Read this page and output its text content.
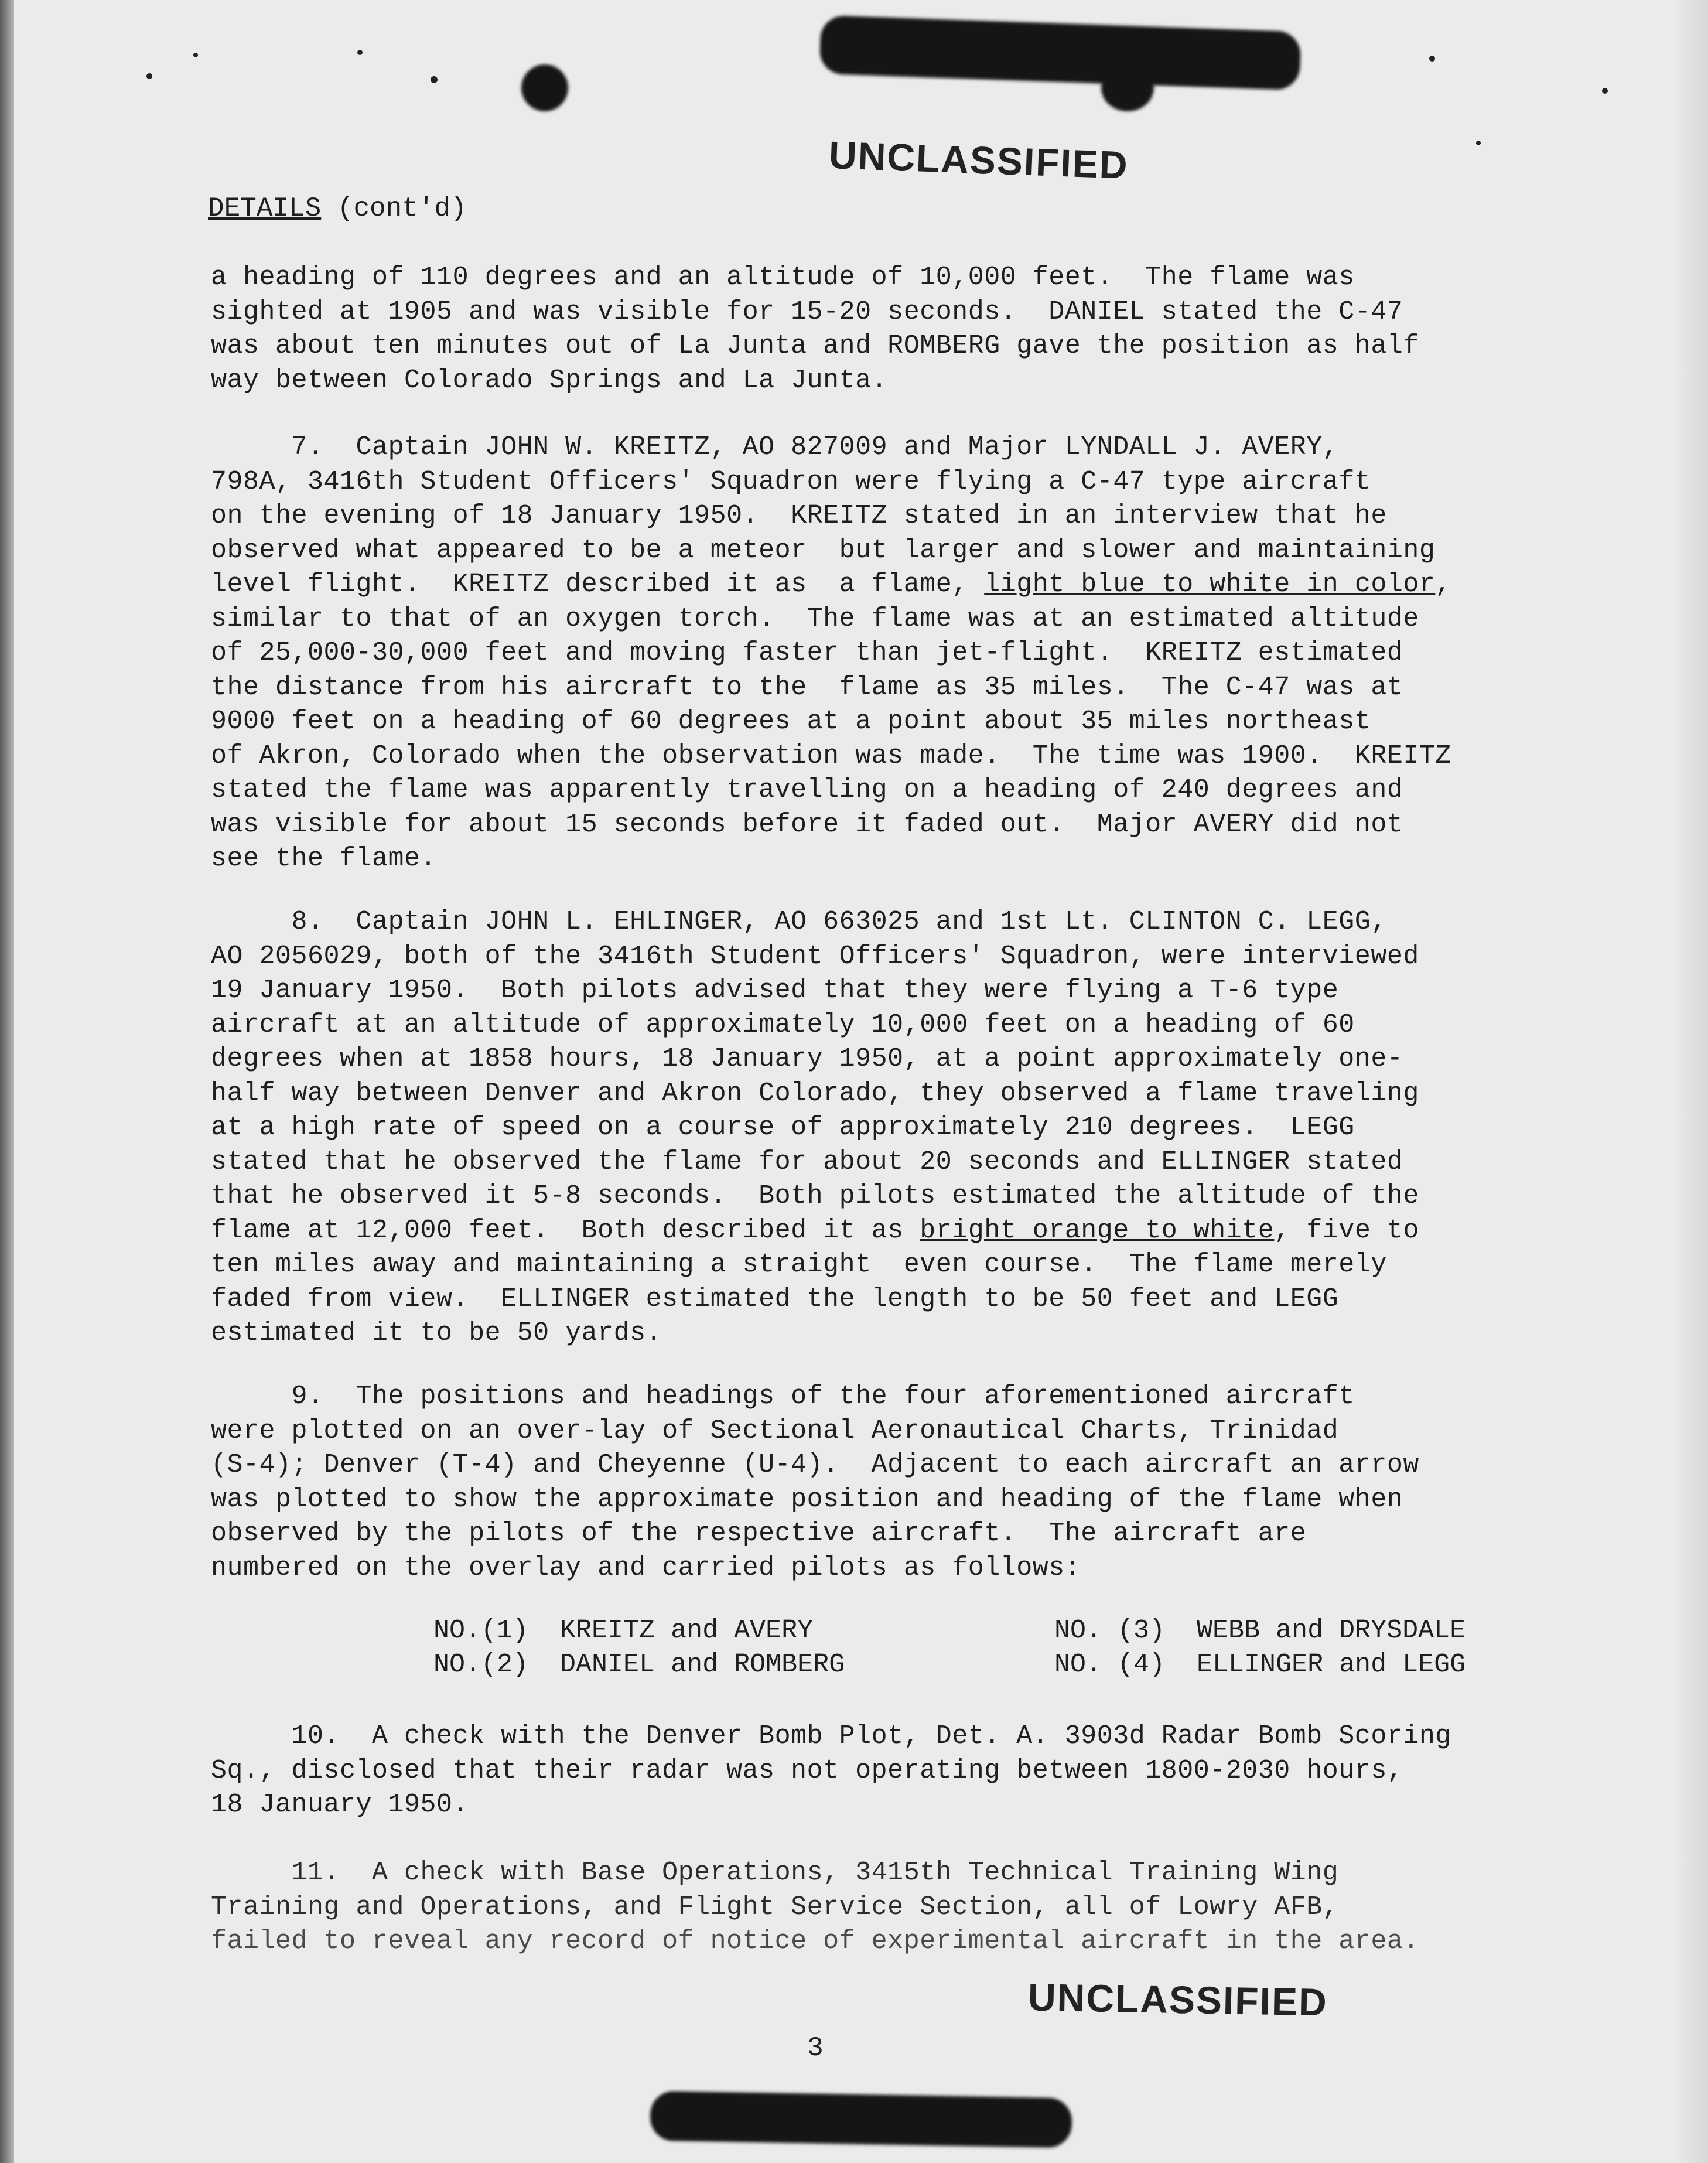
UNCLASSIFIED
DETAILS (cont'd)
a heading of 110 degrees and an altitude of 10,000 feet.  The flame was
sighted at 1905 and was visible for 15-20 seconds.  DANIEL stated the C-47
was about ten minutes out of La Junta and ROMBERG gave the position as half
way between Colorado Springs and La Junta.
7.  Captain JOHN W. KREITZ, AO 827009 and Major LYNDALL J. AVERY,
798A, 3416th Student Officers' Squadron were flying a C-47 type aircraft
on the evening of 18 January 1950.  KREITZ stated in an interview that he
observed what appeared to be a meteor  but larger and slower and maintaining
level flight.  KREITZ described it as  a flame, light blue to white in color,
similar to that of an oxygen torch.  The flame was at an estimated altitude
of 25,000-30,000 feet and moving faster than jet-flight.  KREITZ estimated
the distance from his aircraft to the  flame as 35 miles.  The C-47 was at
9000 feet on a heading of 60 degrees at a point about 35 miles northeast
of Akron, Colorado when the observation was made.  The time was 1900.  KREITZ
stated the flame was apparently travelling on a heading of 240 degrees and
was visible for about 15 seconds before it faded out.  Major AVERY did not
see the flame.
8.  Captain JOHN L. EHLINGER, AO 663025 and 1st Lt. CLINTON C. LEGG,
AO 2056029, both of the 3416th Student Officers' Squadron, were interviewed
19 January 1950.  Both pilots advised that they were flying a T-6 type
aircraft at an altitude of approximately 10,000 feet on a heading of 60
degrees when at 1858 hours, 18 January 1950, at a point approximately one-
half way between Denver and Akron Colorado, they observed a flame traveling
at a high rate of speed on a course of approximately 210 degrees.  LEGG
stated that he observed the flame for about 20 seconds and ELLINGER stated
that he observed it 5-8 seconds.  Both pilots estimated the altitude of the
flame at 12,000 feet.  Both described it as bright orange to white, five to
ten miles away and maintaining a straight  even course.  The flame merely
faded from view.  ELLINGER estimated the length to be 50 feet and LEGG
estimated it to be 50 yards.
9.  The positions and headings of the four aforementioned aircraft
were plotted on an over-lay of Sectional Aeronautical Charts, Trinidad
(S-4); Denver (T-4) and Cheyenne (U-4).  Adjacent to each aircraft an arrow
was plotted to show the approximate position and heading of the flame when
observed by the pilots of the respective aircraft.  The aircraft are
numbered on the overlay and carried pilots as follows:
NO.(1)  KREITZ and AVERY
NO.(2)  DANIEL and ROMBERG
NO. (3)  WEBB and DRYSDALE
NO. (4)  ELLINGER and LEGG
10.  A check with the Denver Bomb Plot, Det. A. 3903d Radar Bomb Scoring
Sq., disclosed that their radar was not operating between 1800-2030 hours,
18 January 1950.
11.  A check with Base Operations, 3415th Technical Training Wing
Training and Operations, and Flight Service Section, all of Lowry AFB,
failed to reveal any record of notice of experimental aircraft in the area.
UNCLASSIFIED
3
